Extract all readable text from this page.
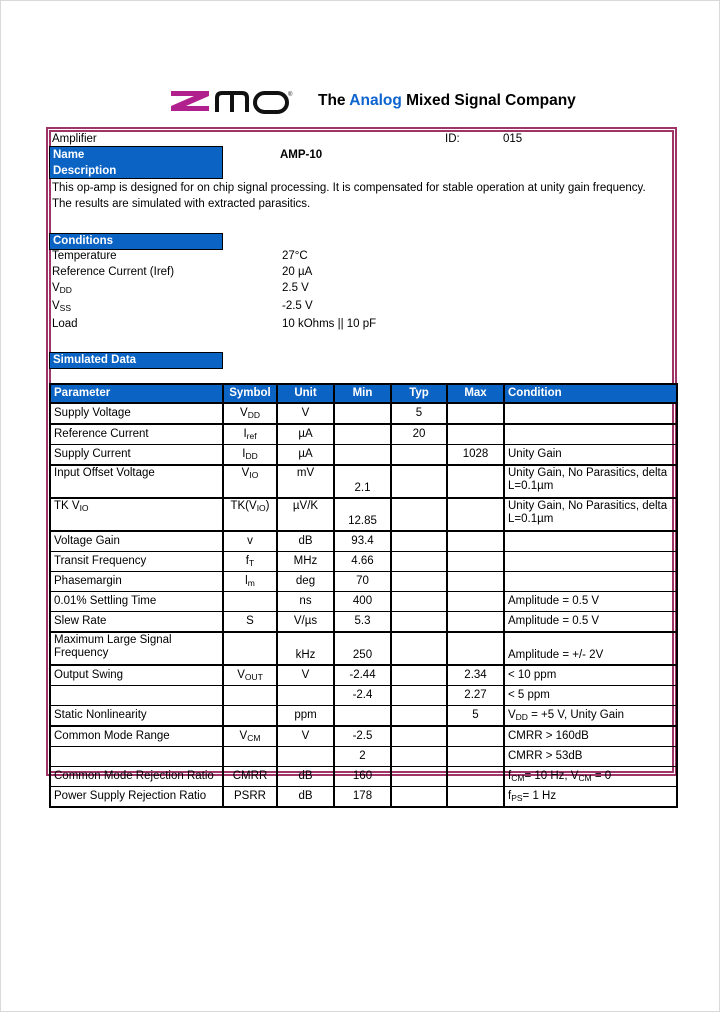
® The Analog Mixed Signal Company
Amplifier	ID:	015
Name
Description
AMP-10
This op-amp is designed for on chip signal processing. It is compensated for stable operation at unity gain frequency.
The results are simulated with extracted parasitics.
Conditions
Temperature	27°C
Reference Current (Iref)	20 µA
$V_{DD}$	2.5 V
$V_{SS}$	-2.5 V
Load	10 kOhms || 10 pF
Simulated Data
Parameter	Symbol	Unit	Min	Typ	Max	Condition
Supply Voltage	$V_{DD}$	V		5		
Reference Current	$I_{ref}$	µA		20		
Supply Current	$I_{DD}$	µA			1028	Unity Gain
Input Offset Voltage	$V_{IO}$	mV	2.1			Unity Gain, No Parasitics, delta
L=0.1µm
TK $V_{IO}$	$TK(V_{IO})$	µV/K	12.85			Unity Gain, No Parasitics, delta
L=0.1µm
Voltage Gain	v	dB	93.4			
Transit Frequency	$f_T$	MHz	4.66			
Phasemargin	$l_m$	deg	70			
0.01% Settling Time		ns	400			Amplitude = 0.5 V
Slew Rate	S	V/µs	5.3			Amplitude = 0.5 V
Maximum Large Signal
Frequency		kHz	250			Amplitude = +/- 2V
Output Swing	$V_{OUT}$	V	-2.44		2.34	< 10 ppm
			-2.4		2.27	< 5 ppm
Static Nonlinearity		ppm			5	$V_{DD} = +5$ V, Unity Gain
Common Mode Range	$V_{CM}$	V	-2.5			CMRR > 160dB
			2			CMRR > 53dB
Common Mode Rejection Ratio	CMRR	dB	160			$f_{CM}= 10$ Hz, $V_{CM} = 0$
Power Supply Rejection Ratio	PSRR	dB	178			$f_{PS}= 1$ Hz
